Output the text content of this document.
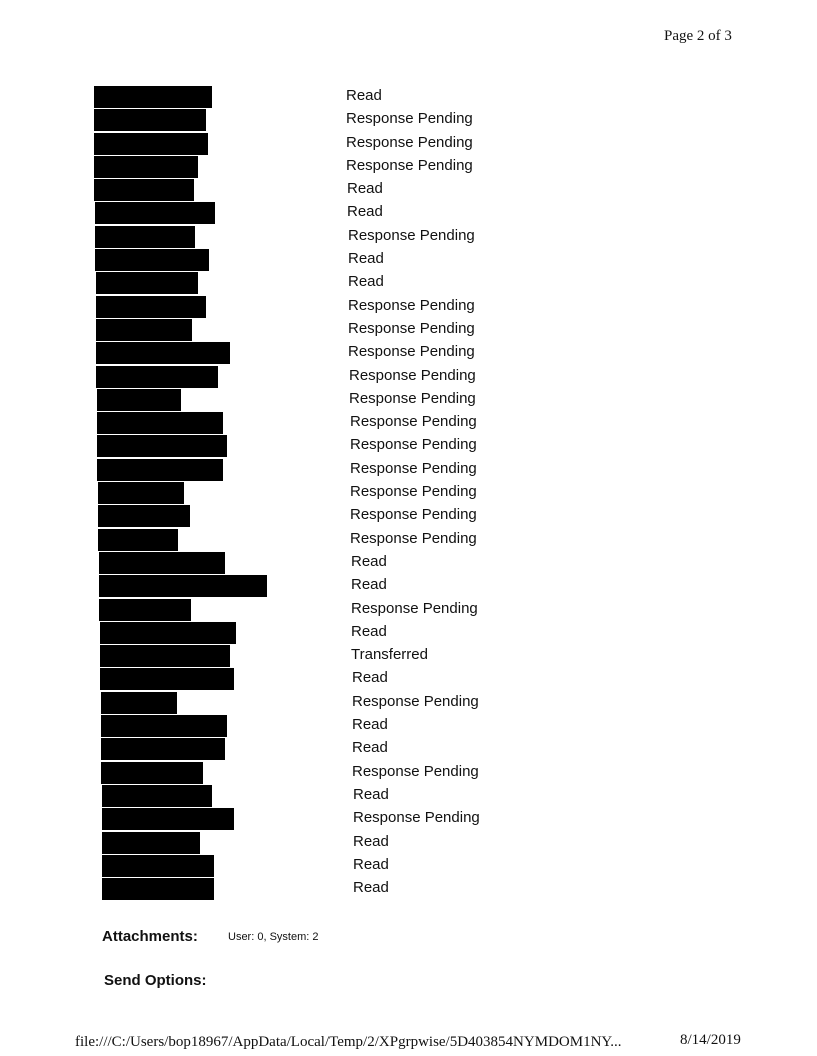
Page 2 of 3
Read
Response Pending
Response Pending
Response Pending
Read
Read
Response Pending
Read
Read
Response Pending
Response Pending
Response Pending
Response Pending
Response Pending
Response Pending
Response Pending
Response Pending
Response Pending
Response Pending
Response Pending
Read
Read
Response Pending
Read
Transferred
Read
Response Pending
Read
Read
Response Pending
Read
Response Pending
Read
Read
Read
Attachments:	User: 0, System: 2
Send Options:
file:///C:/Users/bop18967/AppData/Local/Temp/2/XPgrpwise/5D403854NYMDOM1NY...	8/14/2019
